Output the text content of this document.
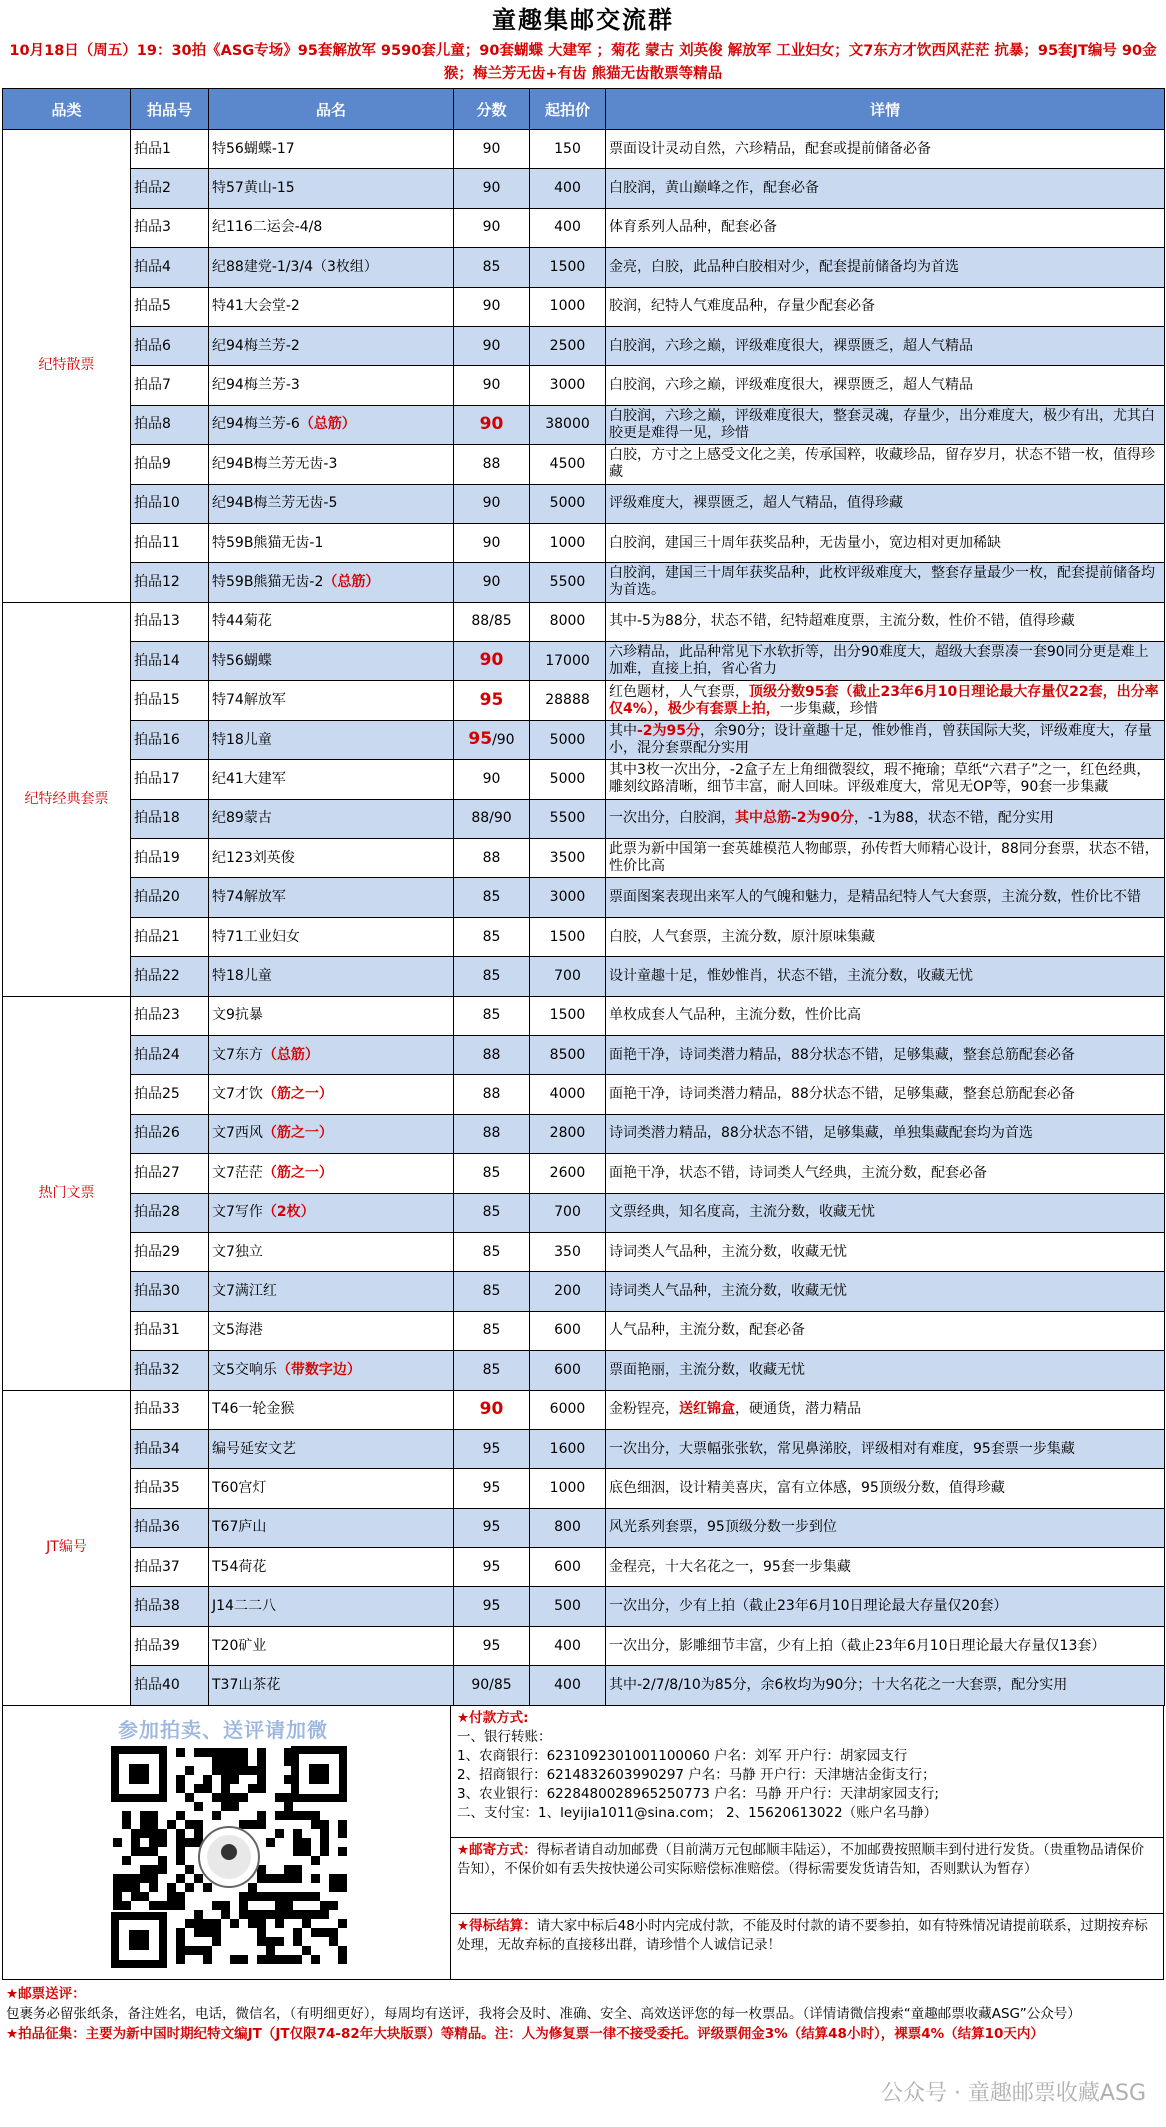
童趣集邮交流群
10月18日（周五）19：30拍《ASG专场》95套解放军 9590套儿童；90套蝴蝶 大建军 ；菊花 蒙古 刘英俊 解放军 工业妇女；文7东方才饮西风茫茫 抗暴；95套JT编号 90金猴；梅兰芳无齿+有齿 熊猫无齿散票等精品
品类	拍品号	品名	分数	起拍价	详情
纪特散票	拍品1	特56蝴蝶-17	90	150	票面设计灵动自然，六珍精品，配套或提前储备必备
	拍品2	特57黄山-15	90	400	白胶润，黄山巅峰之作，配套必备
	拍品3	纪116二运会-4/8	90	400	体育系列人品种，配套必备
	拍品4	纪88建党-1/3/4（3枚组）	85	1500	金亮，白胶，此品种白胶相对少，配套提前储备均为首选
	拍品5	特41大会堂-2	90	1000	胶润，纪特人气难度品种，存量少配套必备
	拍品6	纪94梅兰芳-2	90	2500	白胶润，六珍之巅，评级难度很大，裸票匮乏，超人气精品
	拍品7	纪94梅兰芳-3	90	3000	白胶润，六珍之巅，评级难度很大，裸票匮乏，超人气精品
	拍品8	纪94梅兰芳-6（总筋）	90	38000	白胶润，六珍之巅，评级难度很大，整套灵魂，存量少，出分难度大，极少有出，尤其白胶更是难得一见，珍惜
	拍品9	纪94B梅兰芳无齿-3	88	4500	白胶，方寸之上感受文化之美，传承国粹，收藏珍品，留存岁月，状态不错一枚，值得珍藏
	拍品10	纪94B梅兰芳无齿-5	90	5000	评级难度大，裸票匮乏，超人气精品，值得珍藏
	拍品11	特59B熊猫无齿-1	90	1000	白胶润，建国三十周年获奖品种，无齿量小，宽边相对更加稀缺
	拍品12	特59B熊猫无齿-2（总筋）	90	5500	白胶润，建国三十周年获奖品种，此枚评级难度大，整套存量最少一枚，配套提前储备均为首选。
纪特经典套票	拍品13	特44菊花	88/85	8000	其中-5为88分，状态不错，纪特超难度票，主流分数，性价不错，值得珍藏
	拍品14	特56蝴蝶	90	17000	六珍精品，此品种常见下水软折等，出分90难度大，超级大套票凑一套90同分更是难上加难，直接上拍，省心省力
	拍品15	特74解放军	95	28888	红色题材，人气套票，顶级分数95套（截止23年6月10日理论最大存量仅22套，出分率仅4%），极少有套票上拍，一步集藏，珍惜
	拍品16	特18儿童	95/90	5000	其中-2为95分，余90分；设计童趣十足，惟妙惟肖，曾获国际大奖，评级难度大，存量小，混分套票配分实用
	拍品17	纪41大建军	90	5000	其中3枚一次出分，-2盒子左上角细微裂纹，瑕不掩瑜；草纸“六君子”之一，红色经典，雕刻纹路清晰，细节丰富，耐人回味。评级难度大，常见无OP等，90套一步集藏
	拍品18	纪89蒙古	88/90	5500	一次出分，白胶润，其中总筋-2为90分，-1为88，状态不错，配分实用
	拍品19	纪123刘英俊	88	3500	此票为新中国第一套英雄模范人物邮票，孙传哲大师精心设计，88同分套票，状态不错，性价比高
	拍品20	特74解放军	85	3000	票面图案表现出来军人的气魄和魅力，是精品纪特人气大套票，主流分数，性价比不错
	拍品21	特71工业妇女	85	1500	白胶，人气套票，主流分数，原汁原味集藏
	拍品22	特18儿童	85	700	设计童趣十足，惟妙惟肖，状态不错，主流分数，收藏无忧
热门文票	拍品23	文9抗暴	85	1500	单枚成套人气品种，主流分数，性价比高
	拍品24	文7东方（总筋）	88	8500	面艳干净，诗词类潜力精品，88分状态不错，足够集藏，整套总筋配套必备
	拍品25	文7才饮（筋之一）	88	4000	面艳干净，诗词类潜力精品，88分状态不错，足够集藏，整套总筋配套必备
	拍品26	文7西风（筋之一）	88	2800	诗词类潜力精品，88分状态不错，足够集藏，单独集藏配套均为首选
	拍品27	文7茫茫（筋之一）	85	2600	面艳干净，状态不错，诗词类人气经典，主流分数，配套必备
	拍品28	文7写作（2枚）	85	700	文票经典，知名度高，主流分数，收藏无忧
	拍品29	文7独立	85	350	诗词类人气品种，主流分数，收藏无忧
	拍品30	文7满江红	85	200	诗词类人气品种，主流分数，收藏无忧
	拍品31	文5海港	85	600	人气品种，主流分数，配套必备
	拍品32	文5交响乐（带数字边）	85	600	票面艳丽，主流分数，收藏无忧
JT编号	拍品33	T46一轮金猴	90	6000	金粉锃亮，送红锦盒，硬通货，潜力精品
	拍品34	编号延安文艺	95	1600	一次出分，大票幅张张软，常见鼻涕胶，评级相对有难度，95套票一步集藏
	拍品35	T60宫灯	95	1000	底色细洇，设计精美喜庆，富有立体感，95顶级分数，值得珍藏
	拍品36	T67庐山	95	800	风光系列套票，95顶级分数一步到位
	拍品37	T54荷花	95	600	金程亮，十大名花之一，95套一步集藏
	拍品38	J14二二八	95	500	一次出分，少有上拍（截止23年6月10日理论最大存量仅20套）
	拍品39	T20矿业	95	400	一次出分，影雕细节丰富，少有上拍（截止23年6月10日理论最大存量仅13套）
	拍品40	T37山茶花	90/85	400	其中-2/7/8/10为85分，余6枚均为90分；十大名花之一大套票，配分实用
参加拍卖、送评请加微	★付款方式:
一、银行转账：
1、农商银行：6231092301001100060 户名：刘军 开户行：胡家园支行
2、招商银行：6214832603990297 户名：马静 开户行：天津塘沽金街支行；
3、农业银行：6228480028965250773 户名：马静 开户行：天津胡家园支行;
二、支付宝：1、leyijia1011@sina.com； 2、15620613022（账户名马静）
★邮寄方式：得标者请自动加邮费（目前满万元包邮顺丰陆运），不加邮费按照顺丰到付进行发货。（贵重物品请保价告知），不保价如有丢失按快递公司实际赔偿标准赔偿。（得标需要发货请告知，否则默认为暂存）
★得标结算：请大家中标后48小时内完成付款，不能及时付款的请不要参拍，如有特殊情况请提前联系，过期按弃标处理，无故弃标的直接移出群，请珍惜个人诚信记录！
★邮票送评：包裹务必留张纸条，备注姓名，电话，微信名，（有明细更好），每周均有送评，我将会及时、准确、安全、高效送评您的每一枚票品。（详情请微信搜索“童趣邮票收藏ASG”公众号）
★拍品征集：主要为新中国时期纪特文编JT（JT仅限74-82年大块版票）等精品。注：人为修复票一律不接受委托。评级票佣金3%（结算48小时），裸票4%（结算10天内）
公众号 · 童趣邮票收藏ASG
